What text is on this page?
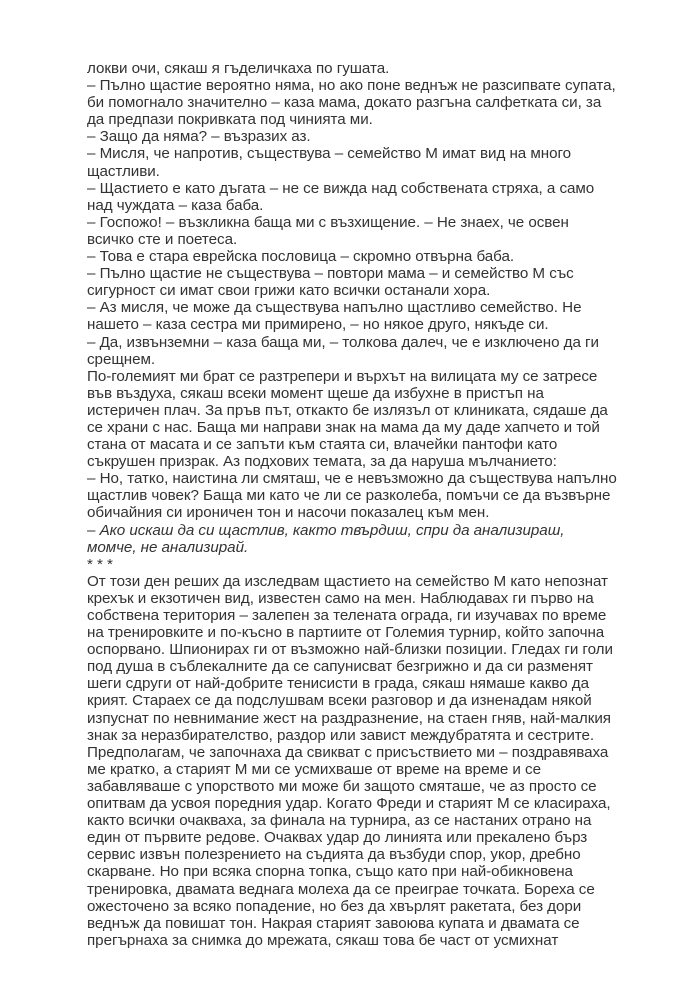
локви очи, сякаш я гъделичкаха по гушата.

– Пълно щастие вероятно няма, но ако поне веднъж не разсипвате супата, би помогнало значително – каза мама, докато разгъна салфетката си, за да предпази покривката под чинията ми.

– Защо да няма? – възразих аз.

– Мисля, че напротив, съществува – семейство М имат вид на много щастливи.

– Щастието е като дъгата – не се вижда над собствената стряха, а само над чуждата – каза баба.

– Госпожо! – възкликна баща ми с възхищение. – Не знаех, че освен всичко сте и поетеса.

– Това е стара еврейска пословица – скромно отвърна баба.

– Пълно щастие не съществува – повтори мама – и семейство М със сигурност си имат свои грижи като всички останали хора.

– Аз мисля, че може да съществува напълно щастливо семейство. Не нашето – каза сестра ми примирено, – но някое друго, някъде си.

– Да, извънземни – каза баща ми, – толкова далеч, че е изключено да ги срещнем.

По-големият ми брат се разтрепери и върхът на вилицата му се затресе във въздуха, сякаш всеки момент щеше да избухне в пристъп на истеричен плач. За пръв път, откакто бе излязъл от клиниката, сядаше да се храни с нас. Баща ми направи знак на мама да му даде хапчето и той стана от масата и се запъти към стаята си, влачейки пантофи като съкрушен призрак. Аз подхових темата, за да наруша мълчанието:

– Но, татко, наистина ли смяташ, че е невъзможно да съществува напълно щастлив човек? Баща ми като че ли се разколеба, помъчи се да възвърне обичайния си ироничен тон и насочи показалец към мен.

– Ако искаш да си щастлив, както твърдиш, спри да анализираш, момче, не анализирай.

* * *

От този ден реших да изследвам щастието на семейство М като непознат крехък и екзотичен вид, известен само на мен. Наблюдавах ги първо на собствена територия – залепен за телената ограда, ги изучавах по време на тренировките и по-късно в партиите от Големия турнир, който започна оспорвано. Шпионирах ги от възможно най-близки позиции. Гледах ги голи под душа в съблекалните да се сапунисват безгрижно и да си разменят шеги сдруги от най-добрите тенисисти в града, сякаш нямаше какво да крият. Стараех се да подслушвам всеки разговор и да изненадам някой изпуснат по невнимание жест на раздразнение, на стаен гняв, най-малкия знак за неразбирателство, раздор или завист междубратята и сестрите.

Предполагам, че започнаха да свикват с присъствието ми – поздравяваха ме кратко, а старият М ми се усмихваше от време на време и се забавляваше с упорството ми може би защото смяташе, че аз просто се опитвам да усвоя поредния удар. Когато Фреди и старият М се класираха, както всички очакваха, за финала на турнира, аз се настаних отрано на един от първите редове. Очаквах удар до линията или прекалено бърз сервис извън полезрението на съдията да възбуди спор, укор, дребно скарване. Но при всяка спорна топка, също като при най-обикновена тренировка, двамата веднага молеха да се преиграе точката. Бореха се ожесточено за всяко попадение, но без да хвърлят ракетата, без дори веднъж да повишат тон. Накрая старият завоюва купата и двамата се прегърнаха за снимка до мрежата, сякаш това бе част от усмихнат
